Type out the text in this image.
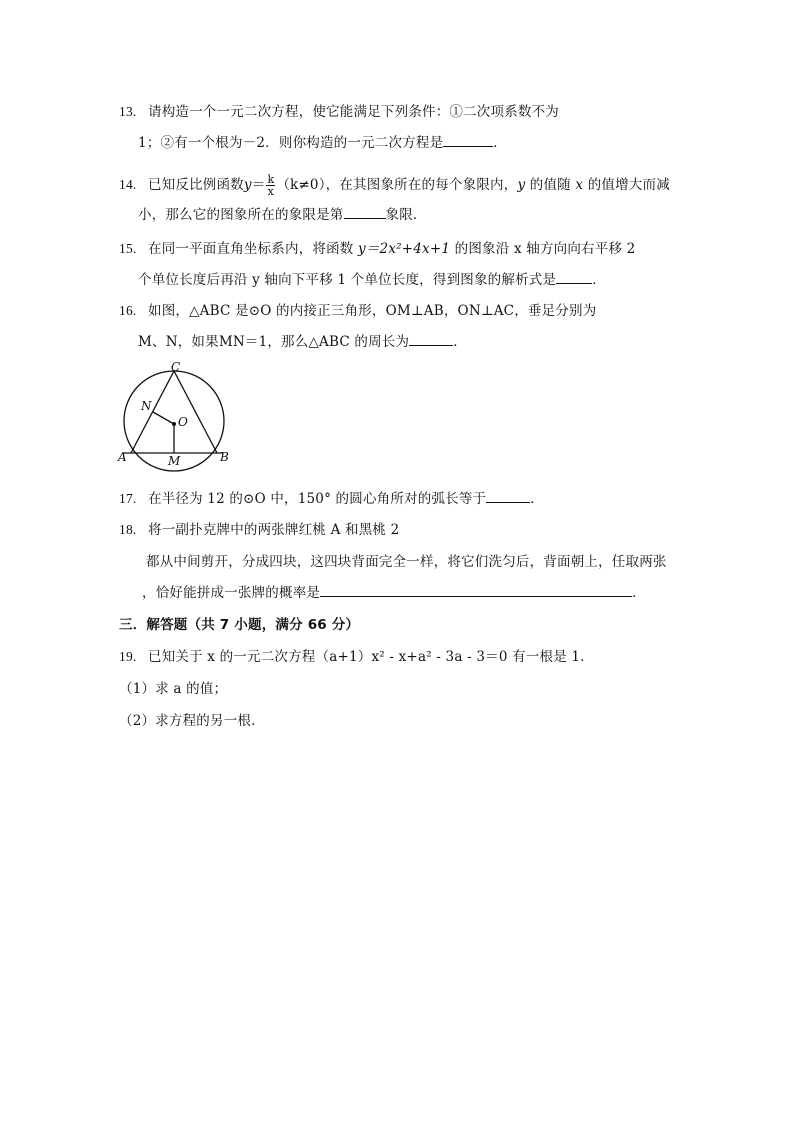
13. 请构造一个一元二次方程，使它能满足下列条件：①二次项系数不为
1；②有一个根为－2．则你构造的一元二次方程是	．
14. 已知反比例函数$y= \frac{k}{x} (k\ne 0)$，在其图象所在的每个象限内，y 的值随 x 的值增大而减
小，那么它的图象所在的象限是第	象限．
15. 在同一平面直角坐标系内，将函数 y＝2x²+4x+1 的图象沿 x 轴方向向右平移 2
个单位长度后再沿 y 轴向下平移 1 个单位长度，得到图象的解析式是	．
16. 如图，△ABC 是⊙O 的内接正三角形，OM⊥AB，ON⊥AC，垂足分别为
M、N，如果MN＝1，那么△ABC 的周长为	．
C
N
O
A	M	B
17. 在半径为 12 的⊙O 中，150° 的圆心角所对的弧长等于	．
18. 将一副扑克牌中的两张牌红桃 A 和黑桃 2
都从中间剪开，分成四块，这四块背面完全一样，将它们洗匀后，背面朝上，任取两张
，恰好能拼成一张牌的概率是	．
三．解答题（共 7 小题，满分 66 分）
19. 已知关于 x 的一元二次方程（a+1）x² - x+a² - 3a - 3＝0 有一根是 1．
（1）求 a 的值；
（2）求方程的另一根．
